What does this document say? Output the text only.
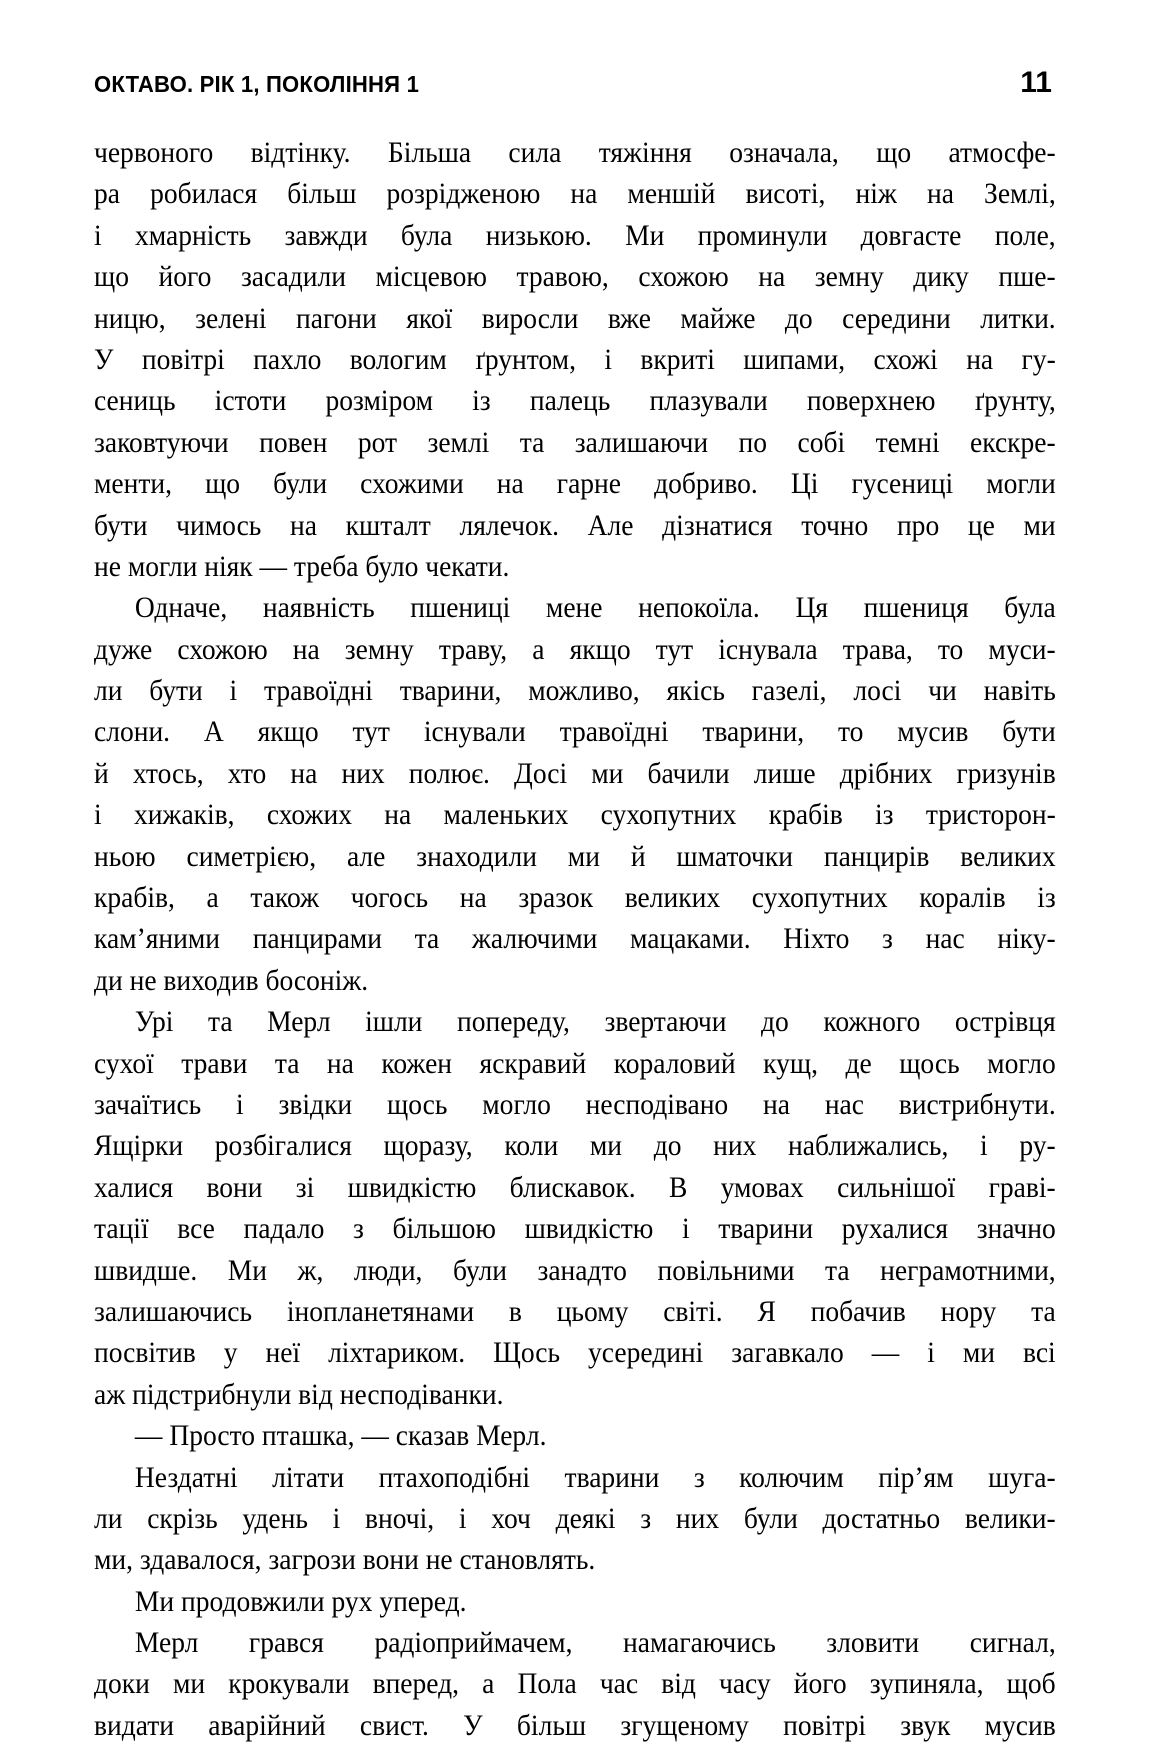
ОКТАВО. РІК 1, ПОКОЛІННЯ 1	11
червоного відтінку. Більша сила тяжіння означала, що атмосфе-
ра робилася більш розрідженою на меншій висоті, ніж на Землі,
і хмарність завжди була низькою. Ми проминули довгасте поле,
що його засадили місцевою травою, схожою на земну дику пше-
ницю, зелені пагони якої виросли вже майже до середини литки.
У повітрі пахло вологим ґрунтом, і вкриті шипами, схожі на гу-
сениць істоти розміром із палець плазували поверхнею ґрунту,
заковтуючи повен рот землі та залишаючи по собі темні екскре-
менти, що були схожими на гарне добриво. Ці гусениці могли
бути чимось на кшталт лялечок. Але дізнатися точно про це ми
не могли ніяк — треба було чекати.
Одначе, наявність пшениці мене непокоїла. Ця пшениця була
дуже схожою на земну траву, а якщо тут існувала трава, то муси-
ли бути і травоїдні тварини, можливо, якісь газелі, лосі чи навіть
слони. А якщо тут існували травоїдні тварини, то мусив бути
й хтось, хто на них полює. Досі ми бачили лише дрібних гризунів
і хижаків, схожих на маленьких сухопутних крабів із тристорон-
ньою симетрією, але знаходили ми й шматочки панцирів великих
крабів, а також чогось на зразок великих сухопутних коралів із
кам’яними панцирами та жалючими мацаками. Ніхто з нас ніку-
ди не виходив босоніж.
Урі та Мерл ішли попереду, звертаючи до кожного острівця
сухої трави та на кожен яскравий кораловий кущ, де щось могло
зачаїтись і звідки щось могло несподівано на нас вистрибнути.
Ящірки розбігалися щоразу, коли ми до них наближались, і ру-
халися вони зі швидкістю блискавок. В умовах сильнішої граві-
тації все падало з більшою швидкістю і тварини рухалися значно
швидше. Ми ж, люди, були занадто повільними та неграмотними,
залишаючись інопланетянами в цьому світі. Я побачив нору та
посвітив у неї ліхтариком. Щось усередині загавкало — і ми всі
аж підстрибнули від несподіванки.
— Просто пташка, — сказав Мерл.
Нездатні літати птахоподібні тварини з колючим пір’ям шуга-
ли скрізь удень і вночі, і хоч деякі з них були достатньо велики-
ми, здавалося, загрози вони не становлять.
Ми продовжили рух уперед.
Мерл грався радіоприймачем, намагаючись зловити сигнал,
доки ми крокували вперед, а Пола час від часу його зупиняла, щоб
видати аварійний свист. У більш згущеному повітрі звук мусив
